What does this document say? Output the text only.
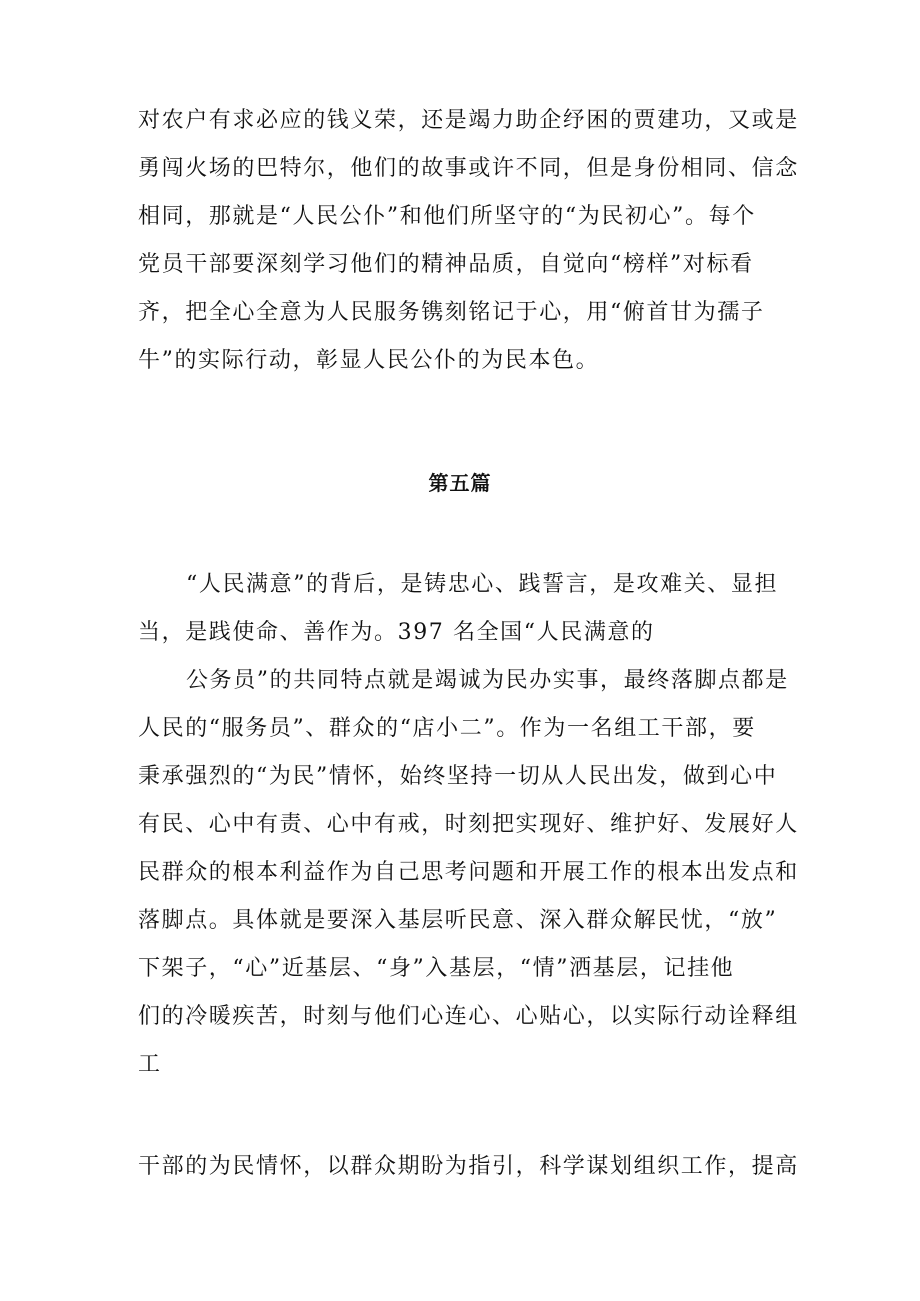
对农户有求必应的钱义荣，还是竭力助企纾困的贾建功，又或是
勇闯火场的巴特尔，他们的故事或许不同，但是身份相同、信念
相同，那就是“人民公仆”和他们所坚守的“为民初心”。每个
党员干部要深刻学习他们的精神品质，自觉向“榜样”对标看
齐，把全心全意为人民服务镌刻铭记于心，用“俯首甘为孺子
牛”的实际行动，彰显人民公仆的为民本色。
第五篇
“人民满意”的背后，是铸忠心、践誓言，是攻难关、显担
当，是践使命、善作为。397 名全国“人民满意的
公务员”的共同特点就是竭诚为民办实事，最终落脚点都是
人民的“服务员”、群众的“店小二”。作为一名组工干部，要
秉承强烈的“为民”情怀，始终坚持一切从人民出发，做到心中
有民、心中有责、心中有戒，时刻把实现好、维护好、发展好人
民群众的根本利益作为自己思考问题和开展工作的根本出发点和
落脚点。具体就是要深入基层听民意、深入群众解民忧，“放”
下架子，“心”近基层、“身”入基层，“情”洒基层，记挂他
们的冷暖疾苦，时刻与他们心连心、心贴心，以实际行动诠释组
工
干部的为民情怀，以群众期盼为指引，科学谋划组织工作，提高
